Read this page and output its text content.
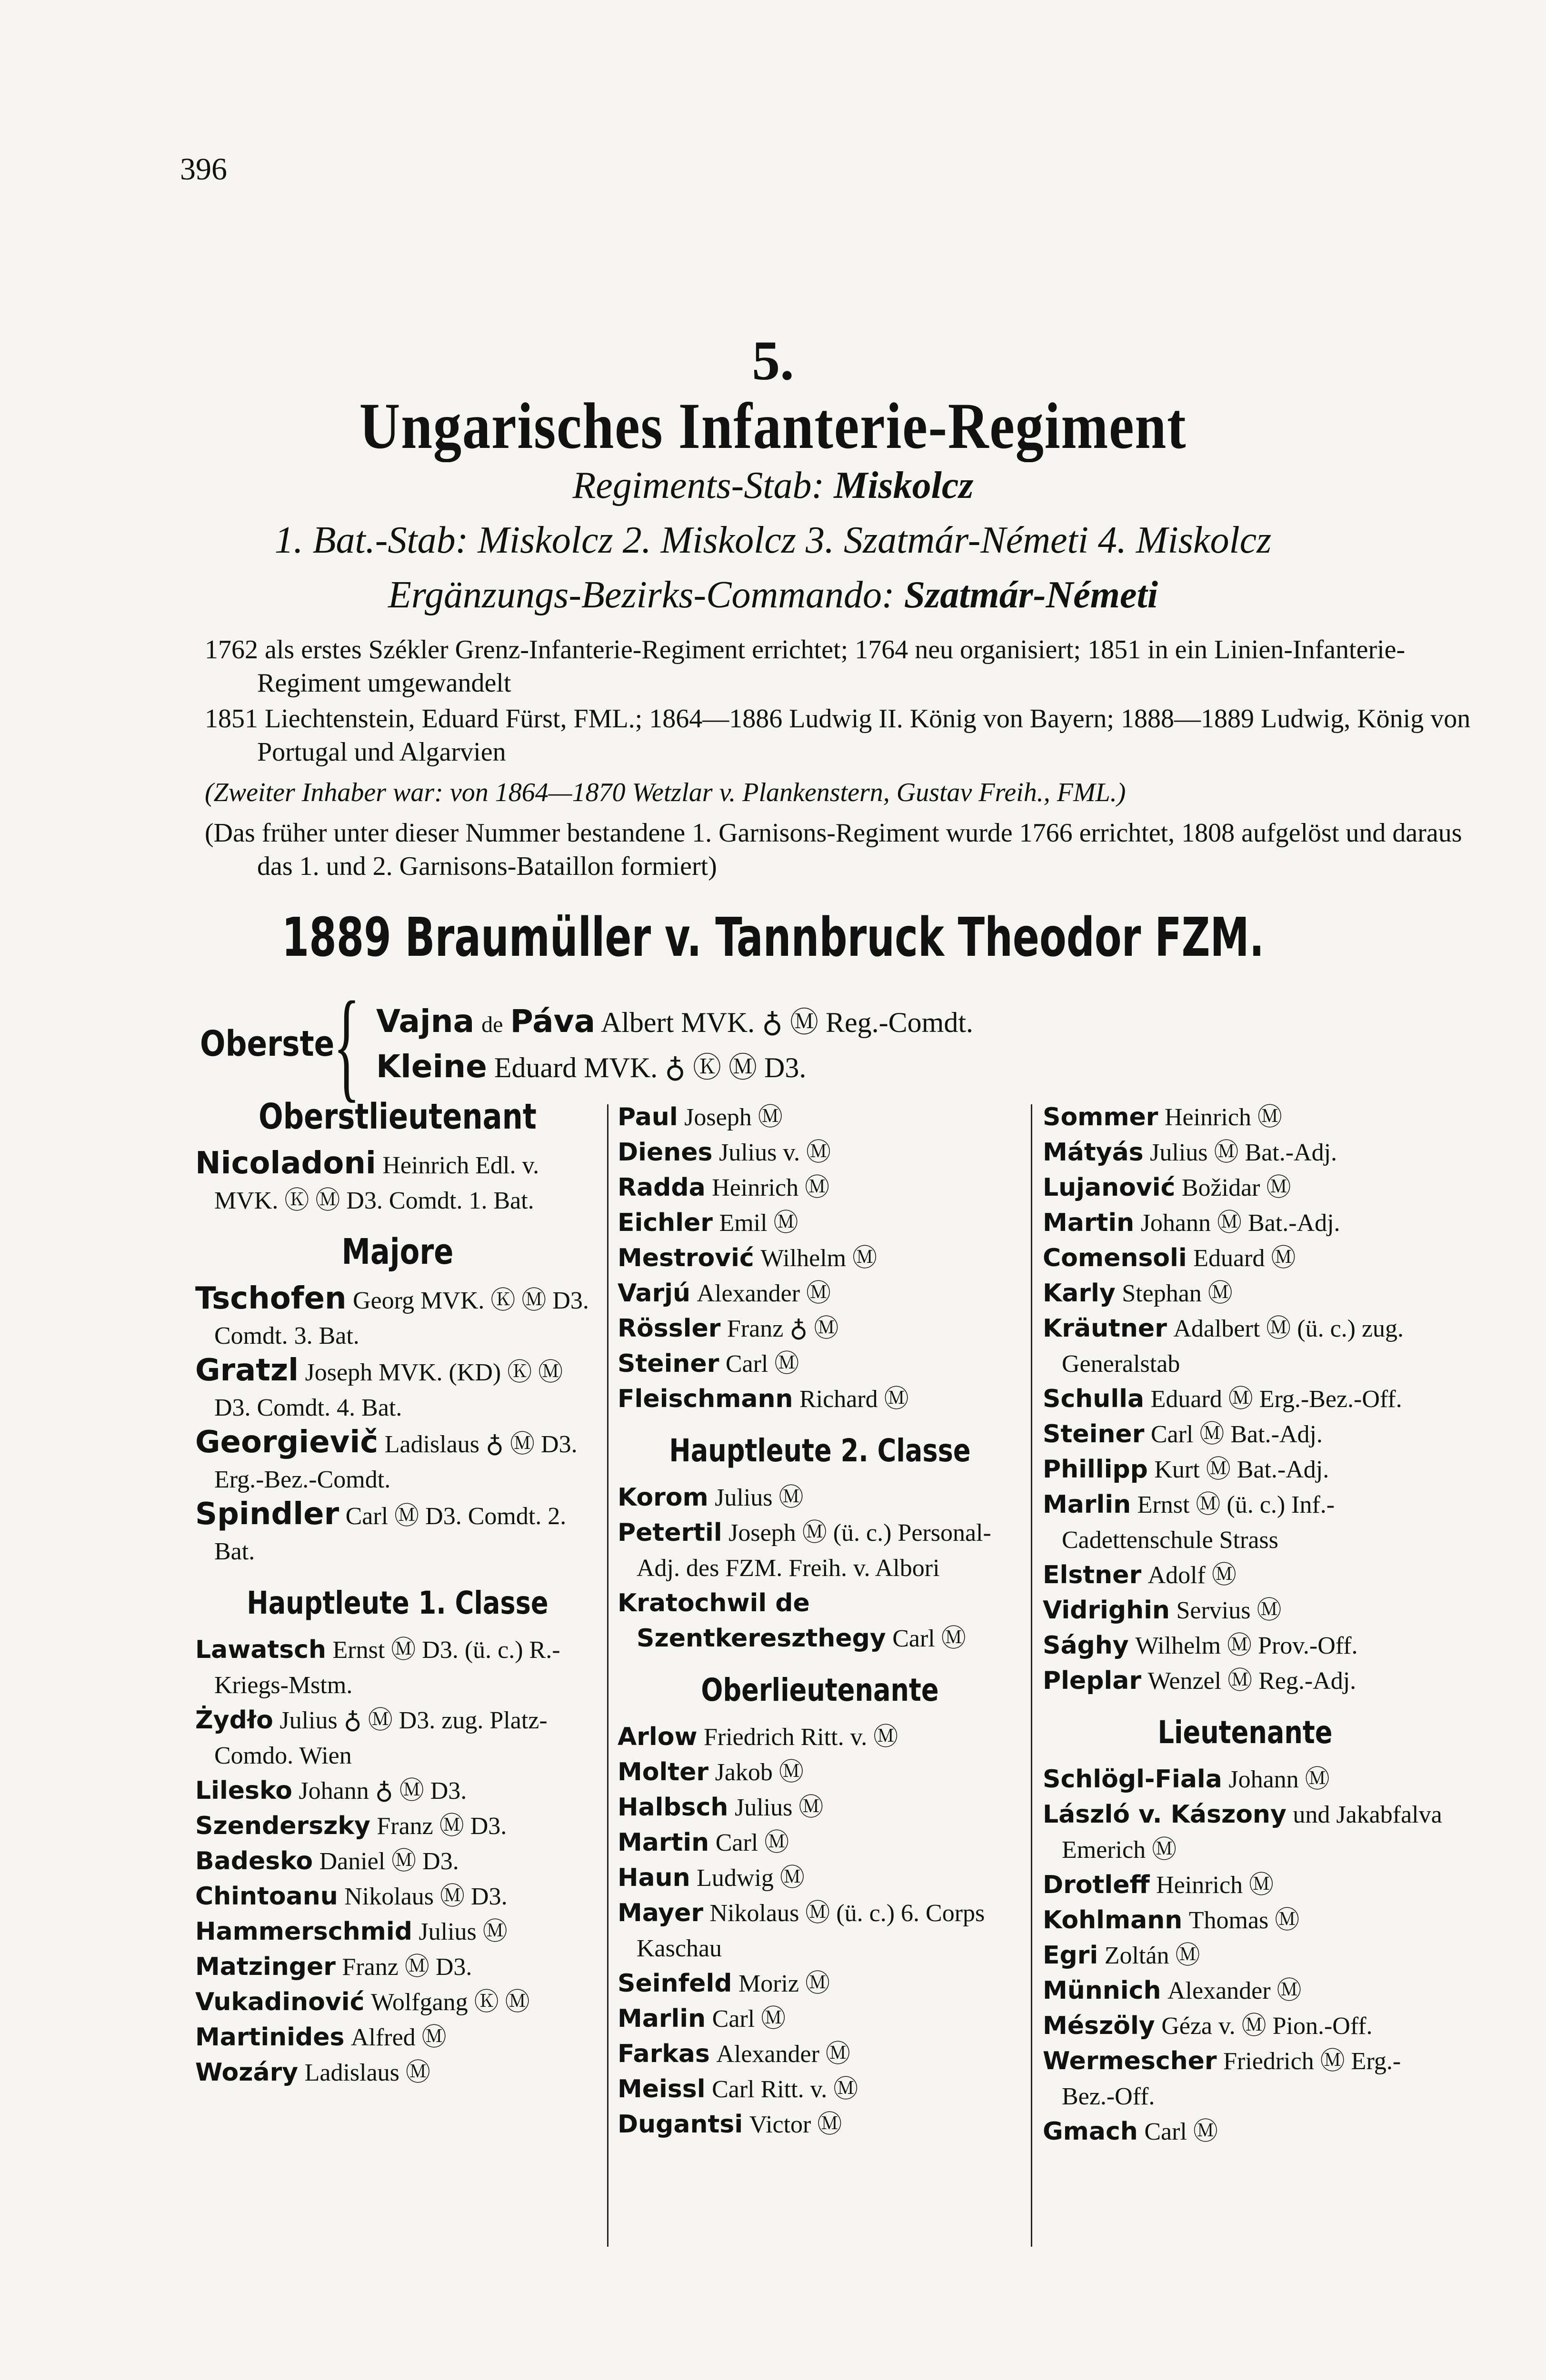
396
5.
Ungarisches Infanterie-Regiment
Regiments-Stab: Miskolcz
1. Bat.-Stab: Miskolcz 2. Miskolcz 3. Szatmár-Németi 4. Miskolcz
Ergänzungs-Bezirks-Commando: Szatmár-Németi
1762 als erstes Székler Grenz-Infanterie-Regiment errichtet; 1764 neu organisiert; 1851 in ein Linien-Infanterie-Regiment umgewandelt
1851 Liechtenstein, Eduard Fürst, FML.; 1864—1886 Ludwig II. König von Bayern; 1888—1889 Ludwig, König von Portugal und Algarvien
(Zweiter Inhaber war: von 1864—1870 Wetzlar v. Plankenstern, Gustav Freih., FML.)
(Das früher unter dieser Nummer bestandene 1. Garnisons-Regiment wurde 1766 errichtet, 1808 aufgelöst und daraus das 1. und 2. Garnisons-Bataillon formiert)
1889 Braumüller v. Tannbruck Theodor FZM.
Oberste
{ Vajna de Páva Albert MVK. ♁ Ⓜ Reg.-Comdt.
Kleine Eduard MVK. ♁ Ⓚ Ⓜ D3.
Oberstlieutenant
Nicoladoni Heinrich Edl. v. MVK. Ⓚ Ⓜ D3. Comdt. 1. Bat.
Majore
Tschofen Georg MVK. Ⓚ Ⓜ D3. Comdt. 3. Bat.
Gratzl Joseph MVK. (KD) Ⓚ Ⓜ D3. Comdt. 4. Bat.
Georgievič Ladislaus ♁ Ⓜ D3. Erg.-Bez.-Comdt.
Spindler Carl Ⓜ D3. Comdt. 2. Bat.
Hauptleute 1. Classe
Lawatsch Ernst Ⓜ D3. (ü. c.) R.-Kriegs-Mstm.
Żydło Julius ♁ Ⓜ D3. zug. Platz-Comdo. Wien
Lilesko Johann ♁ Ⓜ D3.
Szenderszky Franz Ⓜ D3.
Badesko Daniel Ⓜ D3.
Chintoanu Nikolaus Ⓜ D3.
Hammerschmid Julius Ⓜ
Matzinger Franz Ⓜ D3.
Vukadinović Wolfgang Ⓚ Ⓜ
Martinides Alfred Ⓜ
Wozáry Ladislaus Ⓜ
Paul Joseph Ⓜ
Dienes Julius v. Ⓜ
Radda Heinrich Ⓜ
Eichler Emil Ⓜ
Mestrović Wilhelm Ⓜ
Varjú Alexander Ⓜ
Rössler Franz ♁ Ⓜ
Steiner Carl Ⓜ
Fleischmann Richard Ⓜ
Hauptleute 2. Classe
Korom Julius Ⓜ
Petertil Joseph Ⓜ (ü. c.) Personal-Adj. des FZM. Freih. v. Albori
Kratochwil de Szentkereszthegy Carl Ⓜ
Oberlieutenante
Arlow Friedrich Ritt. v. Ⓜ
Molter Jakob Ⓜ
Halbsch Julius Ⓜ
Martin Carl Ⓜ
Haun Ludwig Ⓜ
Mayer Nikolaus Ⓜ (ü. c.) 6. Corps Kaschau
Seinfeld Moriz Ⓜ
Marlin Carl Ⓜ
Farkas Alexander Ⓜ
Meissl Carl Ritt. v. Ⓜ
Dugantsi Victor Ⓜ
Sommer Heinrich Ⓜ
Mátyás Julius Ⓜ Bat.-Adj.
Lujanović Božidar Ⓜ
Martin Johann Ⓜ Bat.-Adj.
Comensoli Eduard Ⓜ
Karly Stephan Ⓜ
Kräutner Adalbert Ⓜ (ü. c.) zug. Generalstab
Schulla Eduard Ⓜ Erg.-Bez.-Off.
Steiner Carl Ⓜ Bat.-Adj.
Phillipp Kurt Ⓜ Bat.-Adj.
Marlin Ernst Ⓜ (ü. c.) Inf.-Cadettenschule Strass
Elstner Adolf Ⓜ
Vidrighin Servius Ⓜ
Sághy Wilhelm Ⓜ Prov.-Off.
Pleplar Wenzel Ⓜ Reg.-Adj.
Lieutenante
Schlögl-Fiala Johann Ⓜ
László v. Kászony und Jakabfalva Emerich Ⓜ
Drotleff Heinrich Ⓜ
Kohlmann Thomas Ⓜ
Egri Zoltán Ⓜ
Münnich Alexander Ⓜ
Mészöly Géza v. Ⓜ Pion.-Off.
Wermescher Friedrich Ⓜ Erg.-Bez.-Off.
Gmach Carl Ⓜ
